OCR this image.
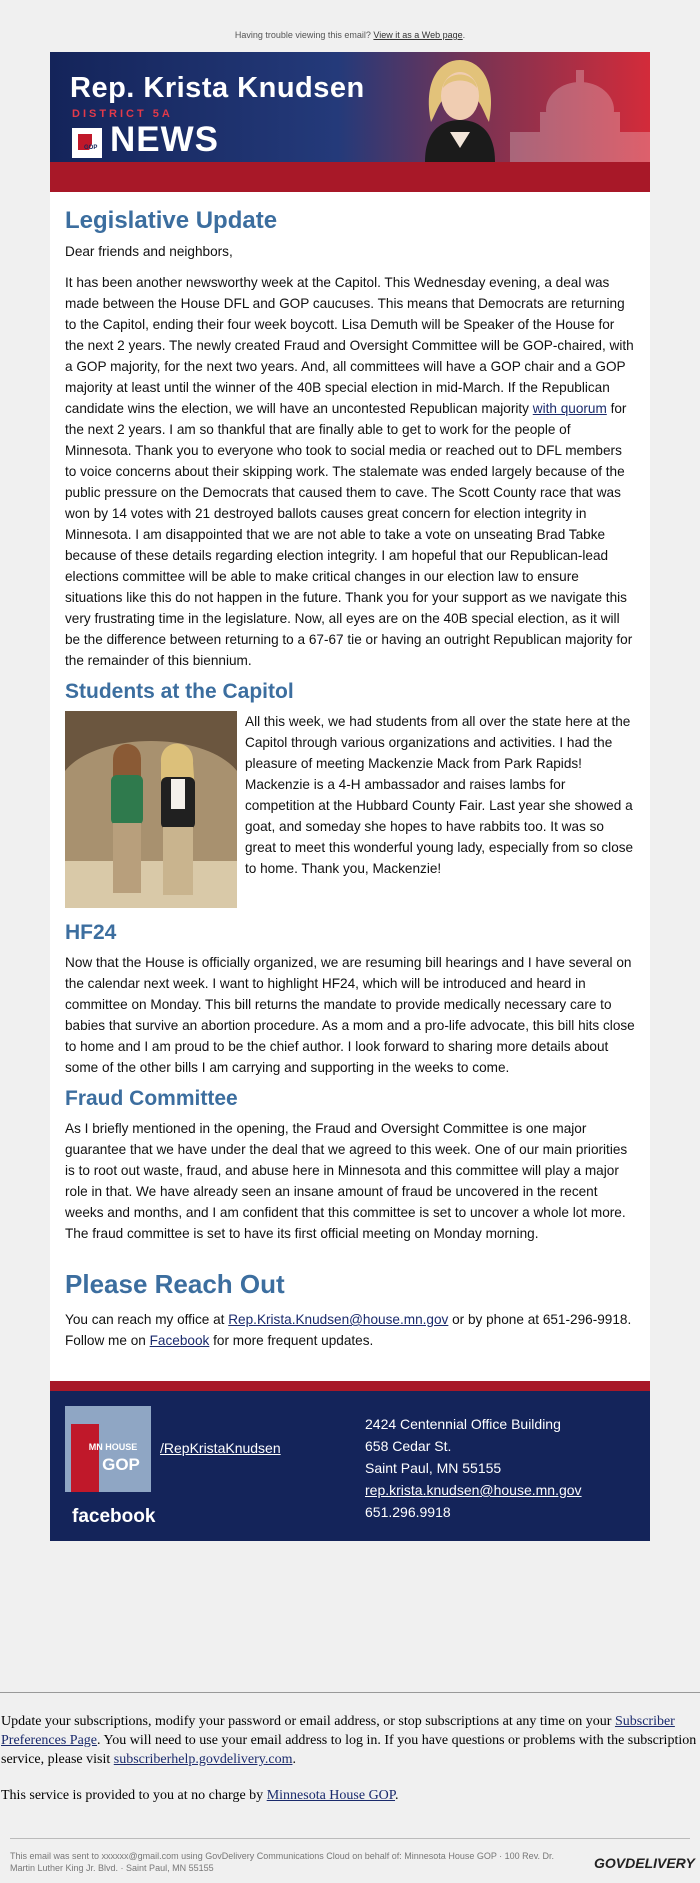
Having trouble viewing this email? View it as a Web page.
Rep. Krista Knudsen
DISTRICT 5A
GOP NEWS
Legislative Update

Dear friends and neighbors,

It has been another newsworthy week at the Capitol. This Wednesday evening, a deal was made between the House DFL and GOP caucuses. This means that Democrats are returning to the Capitol, ending their four week boycott. Lisa Demuth will be Speaker of the House for the next 2 years. The newly created Fraud and Oversight Committee will be GOP-chaired, with a GOP majority, for the next two years. And, all committees will have a GOP chair and a GOP majority at least until the winner of the 40B special election in mid-March. If the Republican candidate wins the election, we will have an uncontested Republican majority with quorum for the next 2 years. I am so thankful that are finally able to get to work for the people of Minnesota. Thank you to everyone who took to social media or reached out to DFL members to voice concerns about their skipping work. The stalemate was ended largely because of the public pressure on the Democrats that caused them to cave. The Scott County race that was won by 14 votes with 21 destroyed ballots causes great concern for election integrity in Minnesota. I am disappointed that we are not able to take a vote on unseating Brad Tabke because of these details regarding election integrity. I am hopeful that our Republican-lead elections committee will be able to make critical changes in our election law to ensure situations like this do not happen in the future. Thank you for your support as we navigate this very frustrating time in the legislature. Now, all eyes are on the 40B special election, as it will be the difference between returning to a 67-67 tie or having an outright Republican majority for the remainder of this biennium.

Students at the Capitol

All this week, we had students from all over the state here at the Capitol through various organizations and activities. I had the pleasure of meeting Mackenzie Mack from Park Rapids! Mackenzie is a 4-H ambassador and raises lambs for competition at the Hubbard County Fair. Last year she showed a goat, and someday she hopes to have rabbits too. It was so great to meet this wonderful young lady, especially from so close to home. Thank you, Mackenzie!

HF24

Now that the House is officially organized, we are resuming bill hearings and I have several on the calendar next week. I want to highlight HF24, which will be introduced and heard in committee on Monday. This bill returns the mandate to provide medically necessary care to babies that survive an abortion procedure. As a mom and a pro-life advocate, this bill hits close to home and I am proud to be the chief author. I look forward to sharing more details about some of the other bills I am carrying and supporting in the weeks to come.

Fraud Committee

As I briefly mentioned in the opening, the Fraud and Oversight Committee is one major guarantee that we have under the deal that we agreed to this week. One of our main priorities is to root out waste, fraud, and abuse here in Minnesota and this committee will play a major role in that. We have already seen an insane amount of fraud be uncovered in the recent weeks and months, and I am confident that this committee is set to uncover a whole lot more. The fraud committee is set to have its first official meeting on Monday morning.

Please Reach Out

You can reach my office at Rep.Krista.Knudsen@house.mn.gov or by phone at 651-296-9918. Follow me on Facebook for more frequent updates.

MN HOUSE
GOP
facebook
/RepKristaKnudsen
2424 Centennial Office Building
658 Cedar St.
Saint Paul, MN 55155
rep.krista.knudsen@house.mn.gov
651.296.9918

Update your subscriptions, modify your password or email address, or stop subscriptions at any time on your Subscriber Preferences Page. You will need to use your email address to log in. If you have questions or problems with the subscription service, please visit subscriberhelp.govdelivery.com.

This service is provided to you at no charge by Minnesota House GOP.

This email was sent to xxxxxx@gmail.com using GovDelivery Communications Cloud on behalf of: Minnesota House GOP · 100 Rev. Dr. Martin Luther King Jr. Blvd. · Saint Paul, MN 55155	GOVDELIVERY
